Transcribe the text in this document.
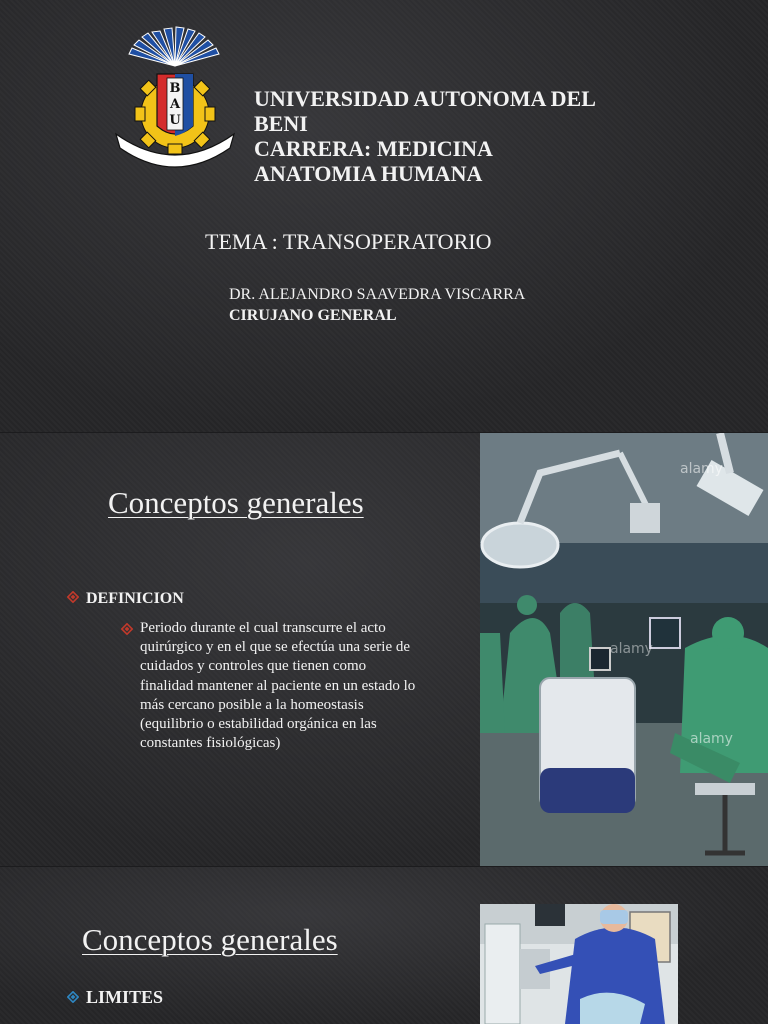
B
A
U
UNIVERSIDAD AUTONOMA DEL
BENI
CARRERA: MEDICINA
ANATOMIA HUMANA
TEMA : TRANSOPERATORIO
DR. ALEJANDRO SAAVEDRA VISCARRA
CIRUJANO GENERAL
Conceptos generales
DEFINICION
Periodo durante el cual transcurre el acto quirúrgico y en el que se efectúa una serie de cuidados y controles que tienen como finalidad mantener al paciente en un estado lo más cercano posible a la homeostasis (equilibrio o estabilidad orgánica en las constantes fisiológicas)
alamy
alamy
alamy
Conceptos generales
LIMITES
